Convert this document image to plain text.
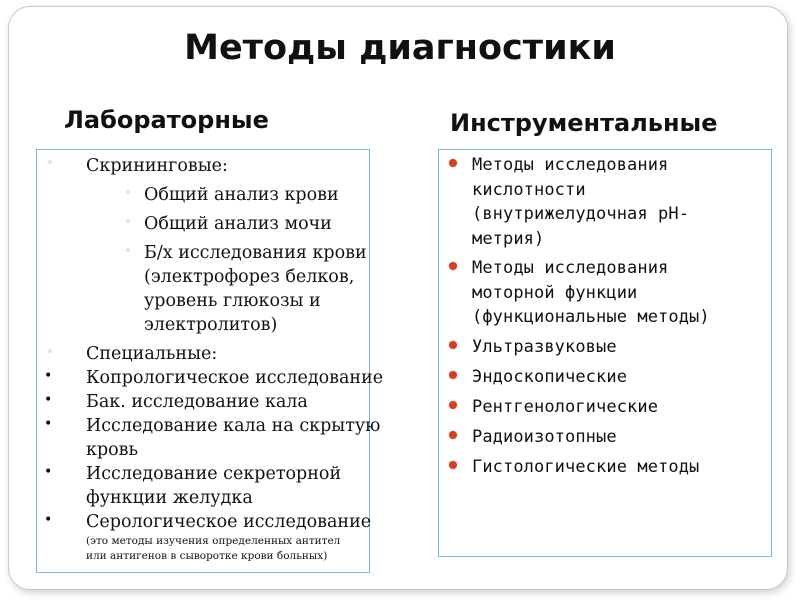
Методы диагностики
Лабораторные	Инструментальные
Скрининговые:
Общий анализ крови
Общий анализ мочи
Б/х исследования крови
(электрофорез белков,
уровень глюкозы и
электролитов)
Специальные:
• Копрологическое исследование
• Бак. исследование кала
• Исследование кала на скрытую
кровь
• Исследование секреторной
функции желудка
• Серологическое исследование
(это методы изучения определенных антител
или антигенов в сыворотке крови больных)
Методы исследования
кислотности
(внутрижелудочная рН-
метрия)
Методы исследования
моторной функции
(функциональные методы)
Ультразвуковые
Эндоскопические
Рентгенологические
Радиоизотопные
Гистологические методы
